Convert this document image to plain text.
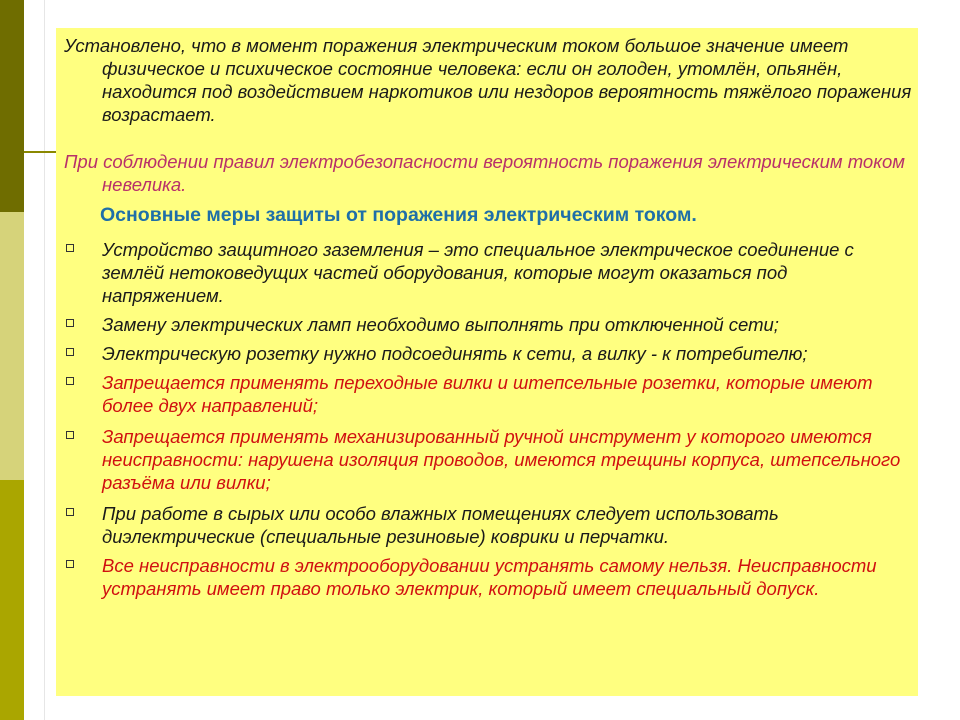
Установлено, что в момент поражения электрическим током большое значение имеет физическое и психическое состояние человека: если он голоден, утомлён, опьянён, находится под воздействием наркотиков или нездоров вероятность тяжёлого поражения возрастает.

При соблюдении правил электробезопасности вероятность поражения электрическим током невелика.

Основные меры защиты от поражения электрическим током.
Устройство защитного заземления – это специальное электрическое соединение с землёй нетоковедущих частей оборудования, которые могут оказаться под напряжением.
Замену электрических ламп необходимо выполнять при отключенной сети;
Электрическую розетку нужно подсоединять к сети, а вилку - к потребителю;
Запрещается применять переходные вилки и штепсельные розетки, которые имеют более двух направлений;
Запрещается применять механизированный ручной инструмент у которого имеются неисправности: нарушена изоляция проводов, имеются трещины корпуса, штепсельного разъёма или вилки;
При работе в сырых или особо влажных помещениях следует использовать диэлектрические (специальные резиновые) коврики и перчатки.
Все неисправности в электрооборудовании устранять самому нельзя. Неисправности устранять имеет право только электрик, который имеет специальный допуск.
